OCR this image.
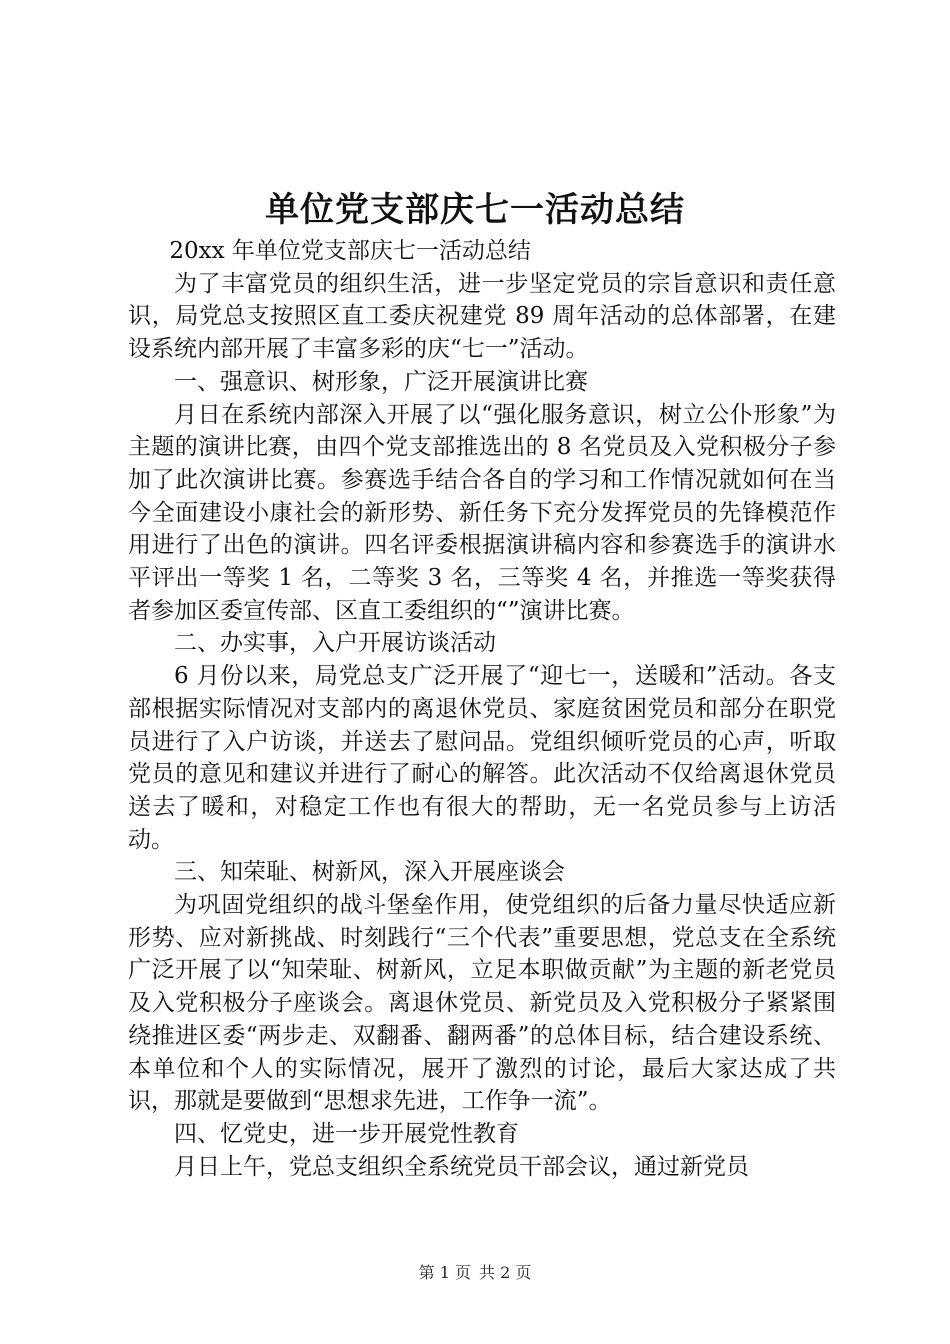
单位党支部庆七一活动总结

20xx 年单位党支部庆七一活动总结

为了丰富党员的组织生活，进一步坚定党员的宗旨意识和责任意识，局党总支按照区直工委庆祝建党 89 周年活动的总体部署，在建设系统内部开展了丰富多彩的庆“七一”活动。

一、强意识、树形象，广泛开展演讲比赛

月日在系统内部深入开展了以“强化服务意识，树立公仆形象”为主题的演讲比赛，由四个党支部推选出的 8 名党员及入党积极分子参加了此次演讲比赛。参赛选手结合各自的学习和工作情况就如何在当今全面建设小康社会的新形势、新任务下充分发挥党员的先锋模范作用进行了出色的演讲。四名评委根据演讲稿内容和参赛选手的演讲水平评出一等奖 1 名，二等奖 3 名，三等奖 4 名，并推选一等奖获得者参加区委宣传部、区直工委组织的“”演讲比赛。

二、办实事，入户开展访谈活动

6 月份以来，局党总支广泛开展了“迎七一，送暖和”活动。各支部根据实际情况对支部内的离退休党员、家庭贫困党员和部分在职党员进行了入户访谈，并送去了慰问品。党组织倾听党员的心声，听取党员的意见和建议并进行了耐心的解答。此次活动不仅给离退休党员送去了暖和，对稳定工作也有很大的帮助，无一名党员参与上访活动。

三、知荣耻、树新风，深入开展座谈会

为巩固党组织的战斗堡垒作用，使党组织的后备力量尽快适应新形势、应对新挑战、时刻践行“三个代表”重要思想，党总支在全系统广泛开展了以“知荣耻、树新风，立足本职做贡献”为主题的新老党员及入党积极分子座谈会。离退休党员、新党员及入党积极分子紧紧围绕推进区委“两步走、双翻番、翻两番”的总体目标，结合建设系统、本单位和个人的实际情况，展开了激烈的讨论，最后大家达成了共识，那就是要做到“思想求先进，工作争一流”。

四、忆党史，进一步开展党性教育

月日上午，党总支组织全系统党员干部会议，通过新党员

第 1 页 共 2 页
